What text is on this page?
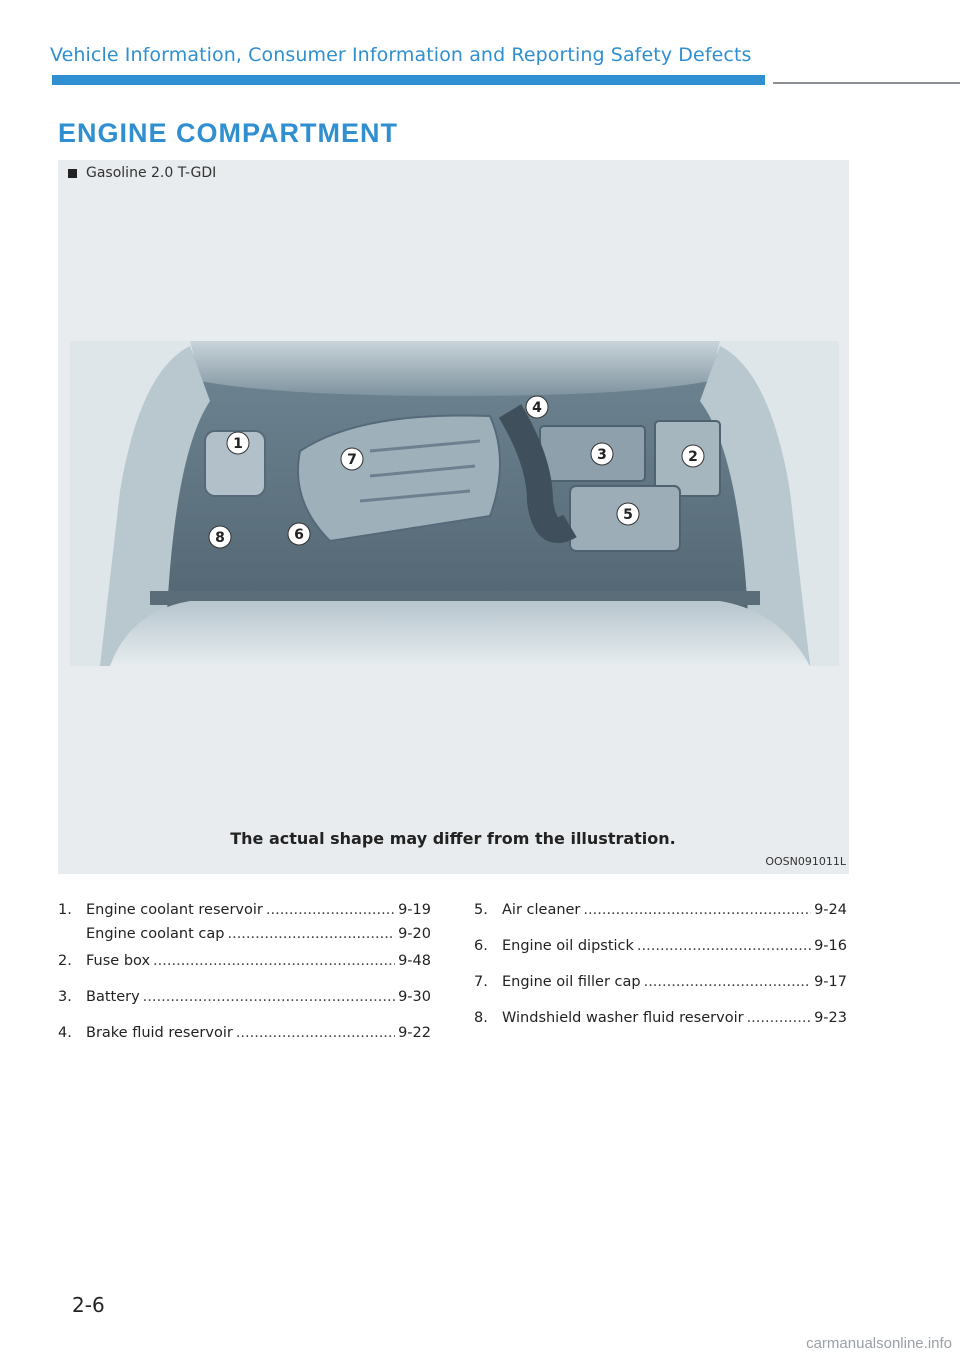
Vehicle Information, Consumer Information and Reporting Safety Defects
ENGINE COMPARTMENT
Gasoline 2.0 T-GDI
1
2
3
4
5
6
7
8
The actual shape may differ from the illustration.
OOSN091011L
1. Engine coolant reservoir .....	9-19
Engine coolant cap .....	9-20
2. Fuse box .....	9-48
3. Battery .....	9-30
4. Brake fluid reservoir .....	9-22
5. Air cleaner .....	9-24
6. Engine oil dipstick .....	9-16
7. Engine oil filler cap .....	9-17
8. Windshield washer fluid reservoir .....	9-23
2-6
carmanualsonline.info
